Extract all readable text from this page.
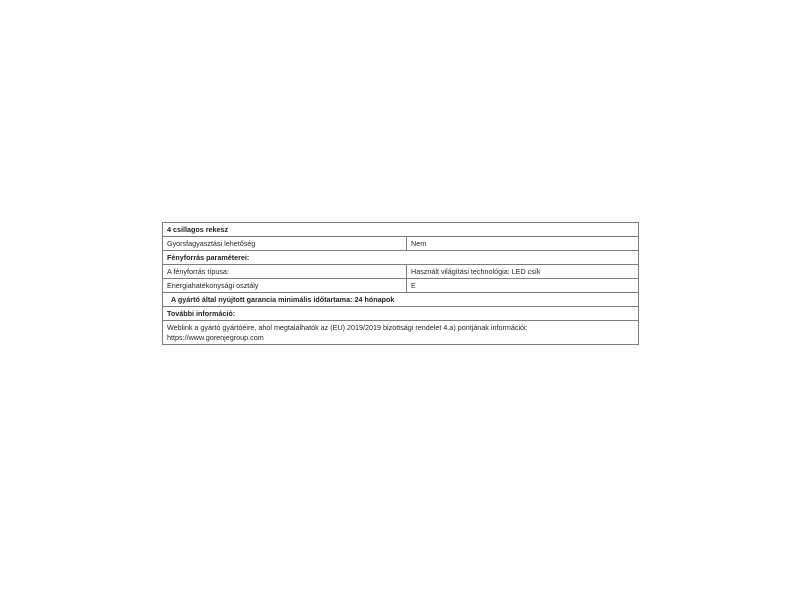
4 csillagos rekesz	
Gyorsfagyasztási lehetőség	Nem
Fényforrás paraméterei:	
A fényforrás típusa:	Használt világítási technológia: LED csík
Energiahatékonysági osztály	E
A gyártó által nyújtott garancia minimális időtartama: 24 hónapok	
További információ:	

Weblink a gyártó gyártóéire, ahol megtalálhatók az (EU) 2019/2019 bizottsági rendelet 4.a) pontjának információi:
https://www.gorenjegroup.com	
